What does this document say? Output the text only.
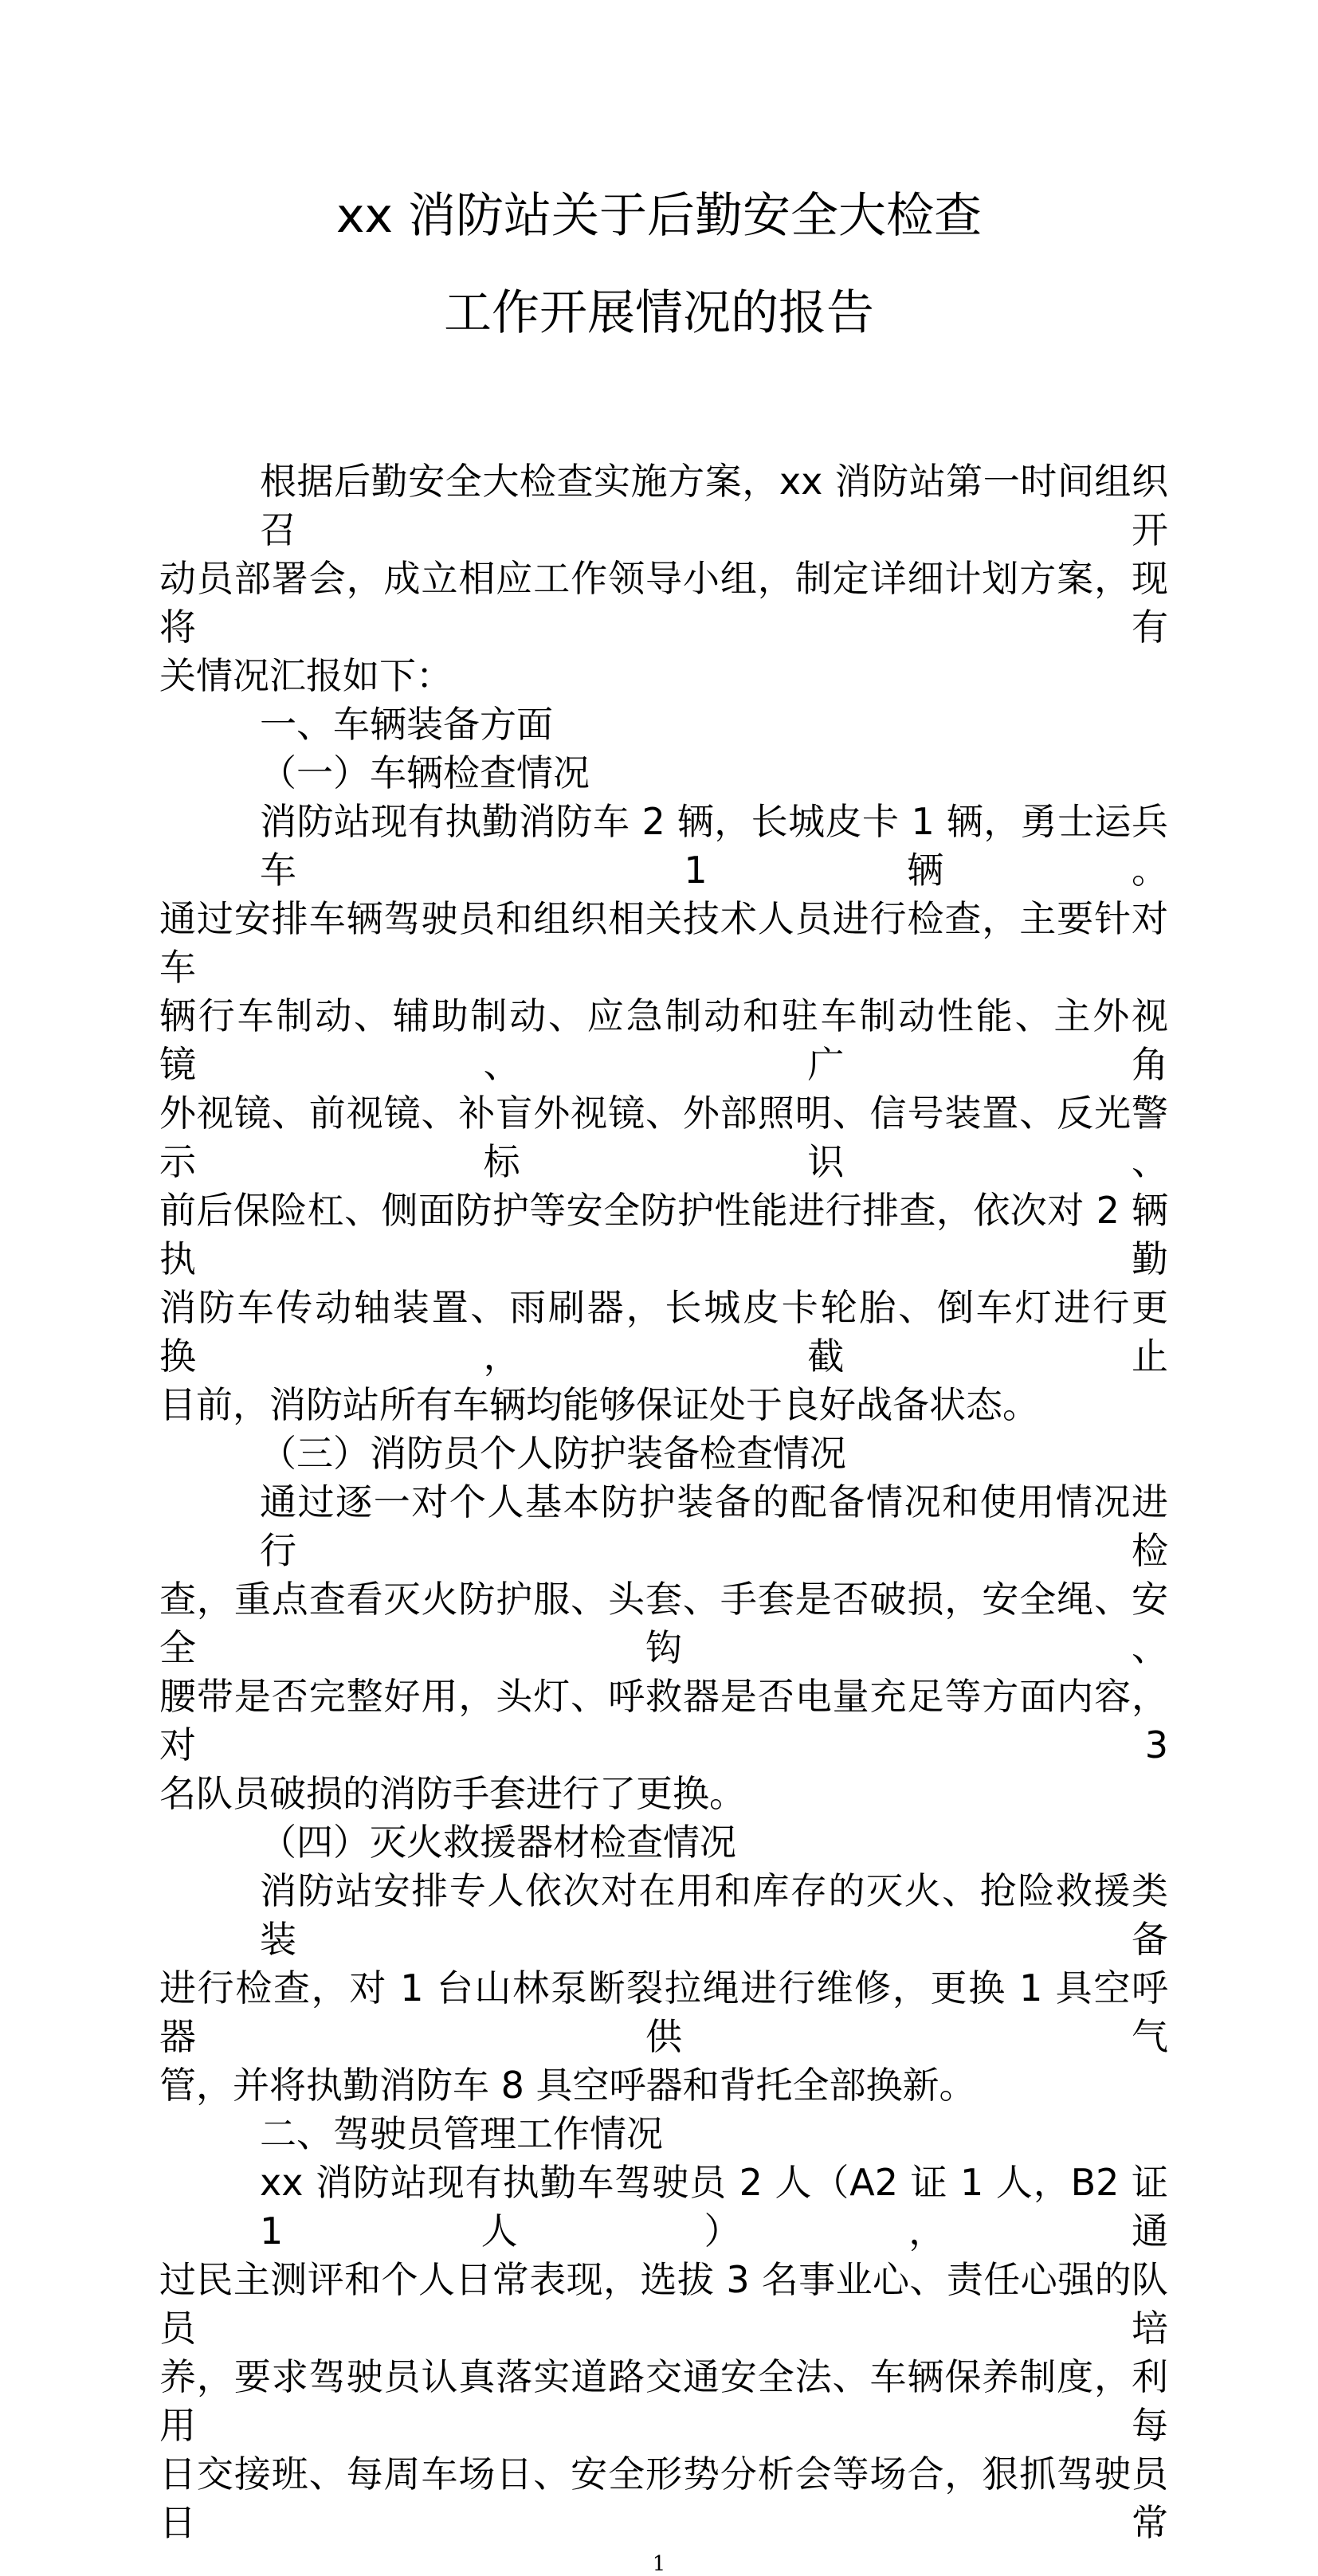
xx 消防站关于后勤安全大检查
工作开展情况的报告
根据后勤安全大检查实施方案，xx 消防站第一时间组织召开
动员部署会，成立相应工作领导小组，制定详细计划方案，现将有
关情况汇报如下：
一、车辆装备方面
（一）车辆检查情况
消防站现有执勤消防车 2 辆，长城皮卡 1 辆，勇士运兵车 1 辆。
通过安排车辆驾驶员和组织相关技术人员进行检查，主要针对车
辆行车制动、辅助制动、应急制动和驻车制动性能、主外视镜、广角
外视镜、前视镜、补盲外视镜、外部照明、信号装置、反光警示标识、
前后保险杠、侧面防护等安全防护性能进行排查，依次对 2 辆执勤
消防车传动轴装置、雨刷器，长城皮卡轮胎、倒车灯进行更换，截止
目前，消防站所有车辆均能够保证处于良好战备状态。
（三）消防员个人防护装备检查情况
通过逐一对个人基本防护装备的配备情况和使用情况进行检
查，重点查看灭火防护服、头套、手套是否破损，安全绳、安全钩、
腰带是否完整好用，头灯、呼救器是否电量充足等方面内容，对 3
名队员破损的消防手套进行了更换。
（四）灭火救援器材检查情况
消防站安排专人依次对在用和库存的灭火、抢险救援类装备
进行检查，对 1 台山林泵断裂拉绳进行维修，更换 1 具空呼器供气
管，并将执勤消防车 8 具空呼器和背托全部换新。
二、驾驶员管理工作情况
xx 消防站现有执勤车驾驶员 2 人（A2 证 1 人，B2 证 1 人），通
过民主测评和个人日常表现，选拔 3 名事业心、责任心强的队员培
养，要求驾驶员认真落实道路交通安全法、车辆保养制度，利用每
日交接班、每周车场日、安全形势分析会等场合，狠抓驾驶员日常
1
